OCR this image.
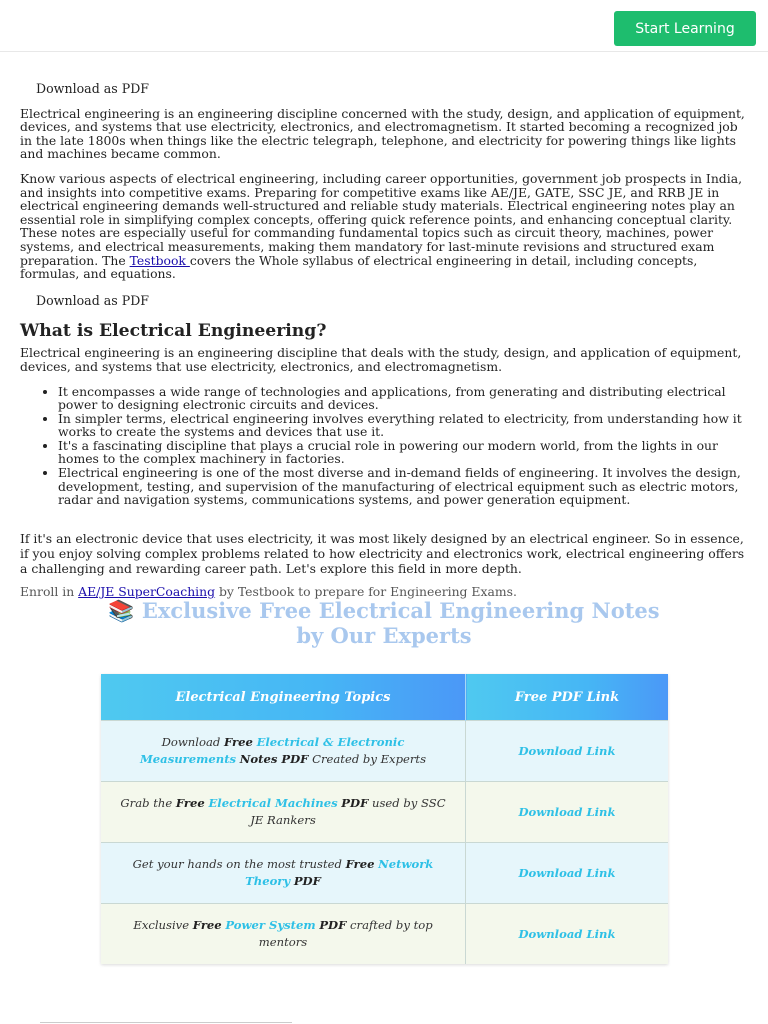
Start Learning
Download as PDF

Electrical engineering is an engineering discipline concerned with the study, design, and application of equipment, devices, and systems that use electricity, electronics, and electromagnetism. It started becoming a recognized job in the late 1800s when things like the electric telegraph, telephone, and electricity for powering things like lights and machines became common.

Know various aspects of electrical engineering, including career opportunities, government job prospects in India, and insights into competitive exams. Preparing for competitive exams like AE/JE, GATE, SSC JE, and RRB JE in electrical engineering demands well-structured and reliable study materials. Electrical engineering notes play an essential role in simplifying complex concepts, offering quick reference points, and enhancing conceptual clarity. These notes are especially useful for commanding fundamental topics such as circuit theory, machines, power systems, and electrical measurements, making them mandatory for last-minute revisions and structured exam preparation. The Testbook covers the Whole syllabus of electrical engineering in detail, including concepts, formulas, and equations.

Download as PDF
What is Electrical Engineering?

Electrical engineering is an engineering discipline that deals with the study, design, and application of equipment, devices, and systems that use electricity, electronics, and electromagnetism.

• It encompasses a wide range of technologies and applications, from generating and distributing electrical power to designing electronic circuits and devices.
• In simpler terms, electrical engineering involves everything related to electricity, from understanding how it works to create the systems and devices that use it.
• It's a fascinating discipline that plays a crucial role in powering our modern world, from the lights in our homes to the complex machinery in factories.
• Electrical engineering is one of the most diverse and in-demand fields of engineering. It involves the design, development, testing, and supervision of the manufacturing of electrical equipment such as electric motors, radar and navigation systems, communications systems, and power generation equipment.

If it's an electronic device that uses electricity, it was most likely designed by an electrical engineer. So in essence, if you enjoy solving complex problems related to how electricity and electronics work, electrical engineering offers a challenging and rewarding career path. Let's explore this field in more depth.

Enroll in AE/JE SuperCoaching by Testbook to prepare for Engineering Exams.

📚 Exclusive Free Electrical Engineering Notes by Our Experts
Electrical Engineering Topics	Free PDF Link
Download Free Electrical & Electronic Measurements Notes PDF Created by Experts	Download Link
Grab the Free Electrical Machines PDF used by SSC JE Rankers	Download Link
Get your hands on the most trusted Free Network Theory PDF	Download Link
Exclusive Free Power System PDF crafted by top mentors	Download Link
